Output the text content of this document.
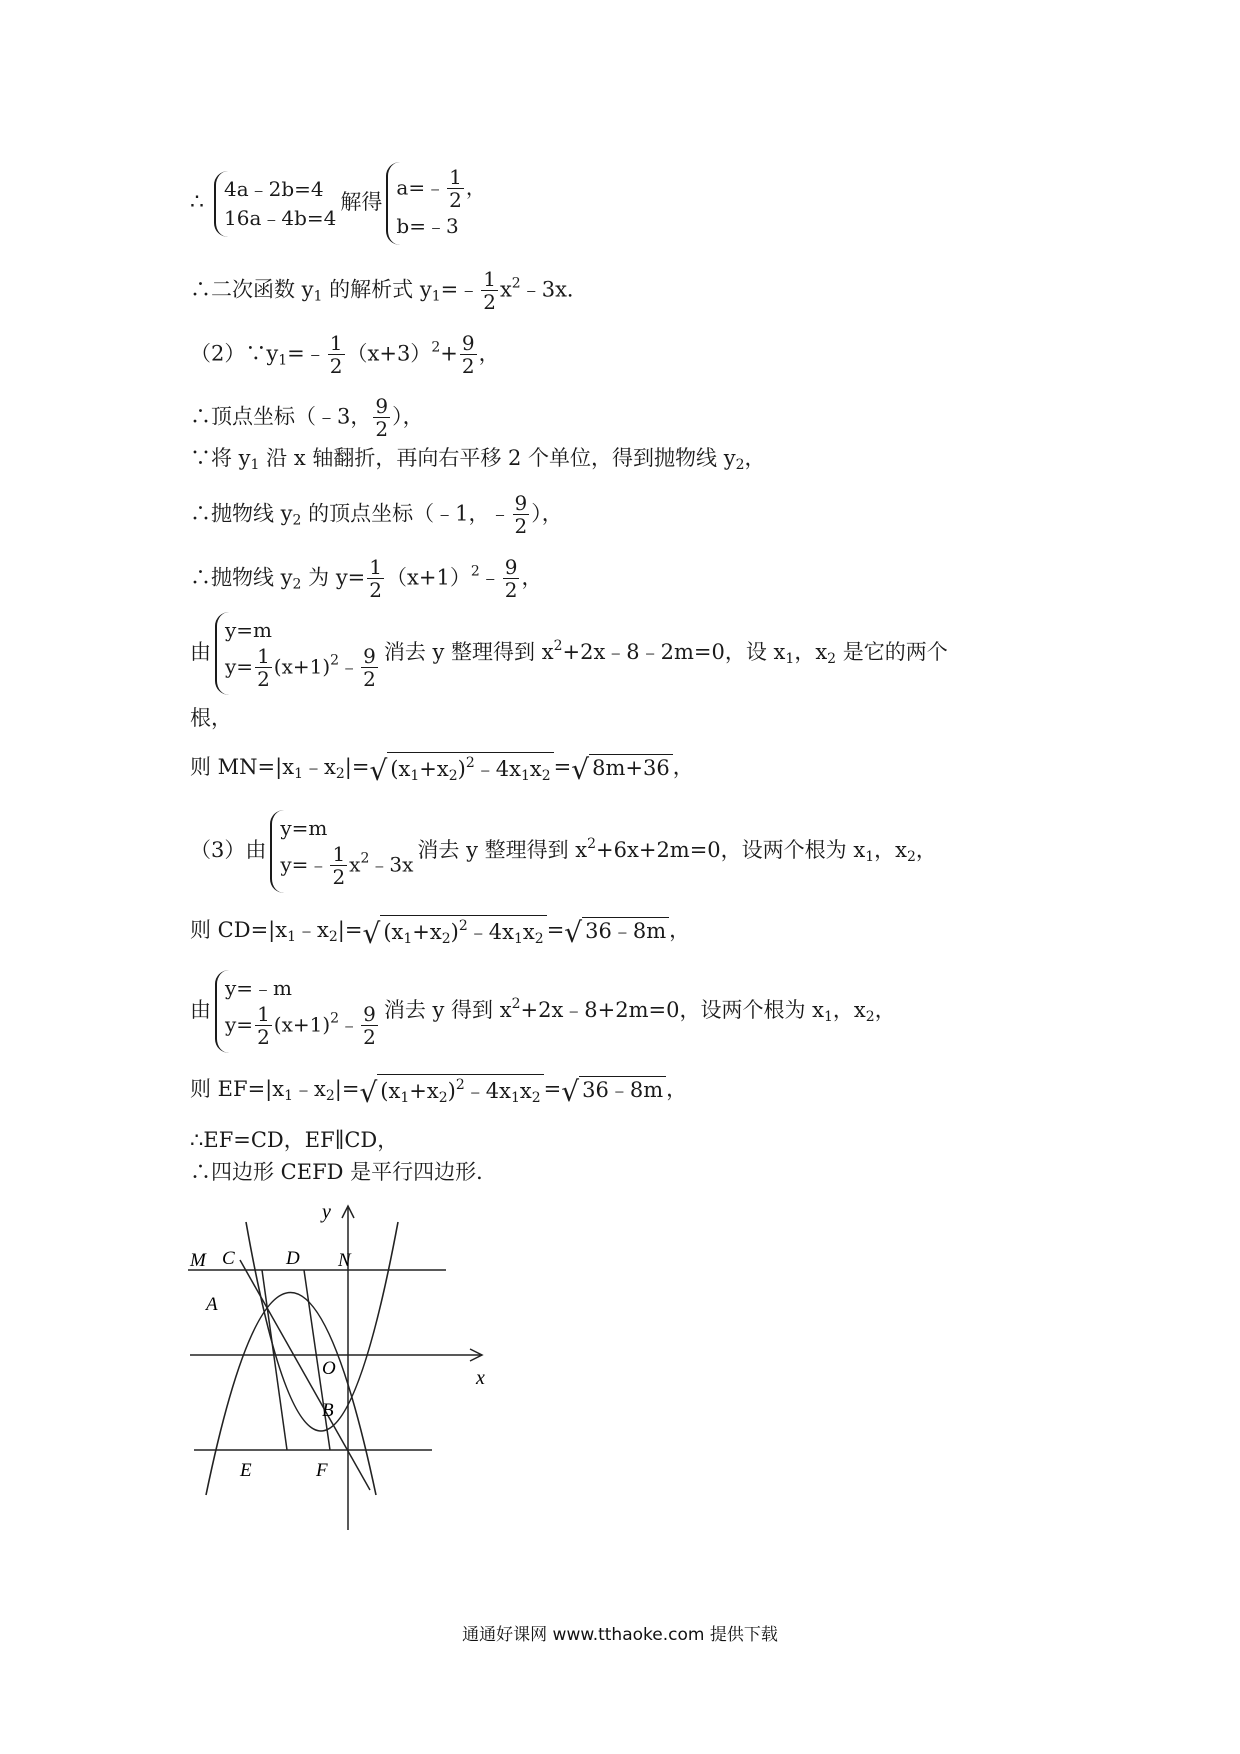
∴
4a﹣2b=4
16a﹣4b=4
解得
a=﹣ $\frac{1}{2}$ ，
b=﹣3
∴二次函数 $y_1$ 的解析式 $y_1=﹣ \frac{1}{2}$ $x^2﹣3x$．
$(2)\because y_1=﹣ \frac{1}{2} (x+3)^2+ \frac{9}{2}$ ，
∴顶点坐标（﹣3， $\frac{9}{2}$ ），
∵将 $y_1$ 沿 x 轴翻折，再向右平移 2 个单位，得到抛物线 $y_2$，
∴抛物线 $y_2$ 的顶点坐标（﹣1，﹣ $\frac{9}{2}$ ），
∴抛物线 $y_2$ 为 $y= \frac{1}{2}$ $(x+1)^2﹣ \frac{9}{2}$ ，
由
y=m
$y= \frac{1}{2}$ $(x+1)^2﹣ \frac{9}{2}$ 消去 y 整理得到 $x^2+2x﹣8﹣2m=0$，设 $x_1$，$x_2$ 是它的两个
根，
则 $MN=|x_1﹣x_2|=√$ $(x_1+x_2)^2﹣4x_1x_2$ =√ 8m+36 ，
（3）由
y=m
y=﹣ $\frac{1}{2}$ $x^2﹣3x$
消去 y 整理得到 $x^2+6x+2m=0$，设两个根为 $x_1$，$x_2$，
则 $CD=|x_1﹣x_2|=√$ $(x_1+x_2)^2﹣4x_1x_2$ =√ 36﹣8m ，
由
y=﹣m
$y= \frac{1}{2}$ $(x+1)^2﹣ \frac{9}{2}$ 消去 y 得到 $x^2+2x﹣8+2m=0$，设两个根为 $x_1$，$x_2$，
则 $EF=|x_1﹣x_2|=√$ $(x_1+x_2)^2﹣4x_1x_2$ =√ 36﹣8m ，
∴EF=CD，EF∥CD，
∴四边形 CEFD 是平行四边形．
y
x
O
M C	D N
A
B
E	F
通通好课网 www.tthaoke.com 提供下载
